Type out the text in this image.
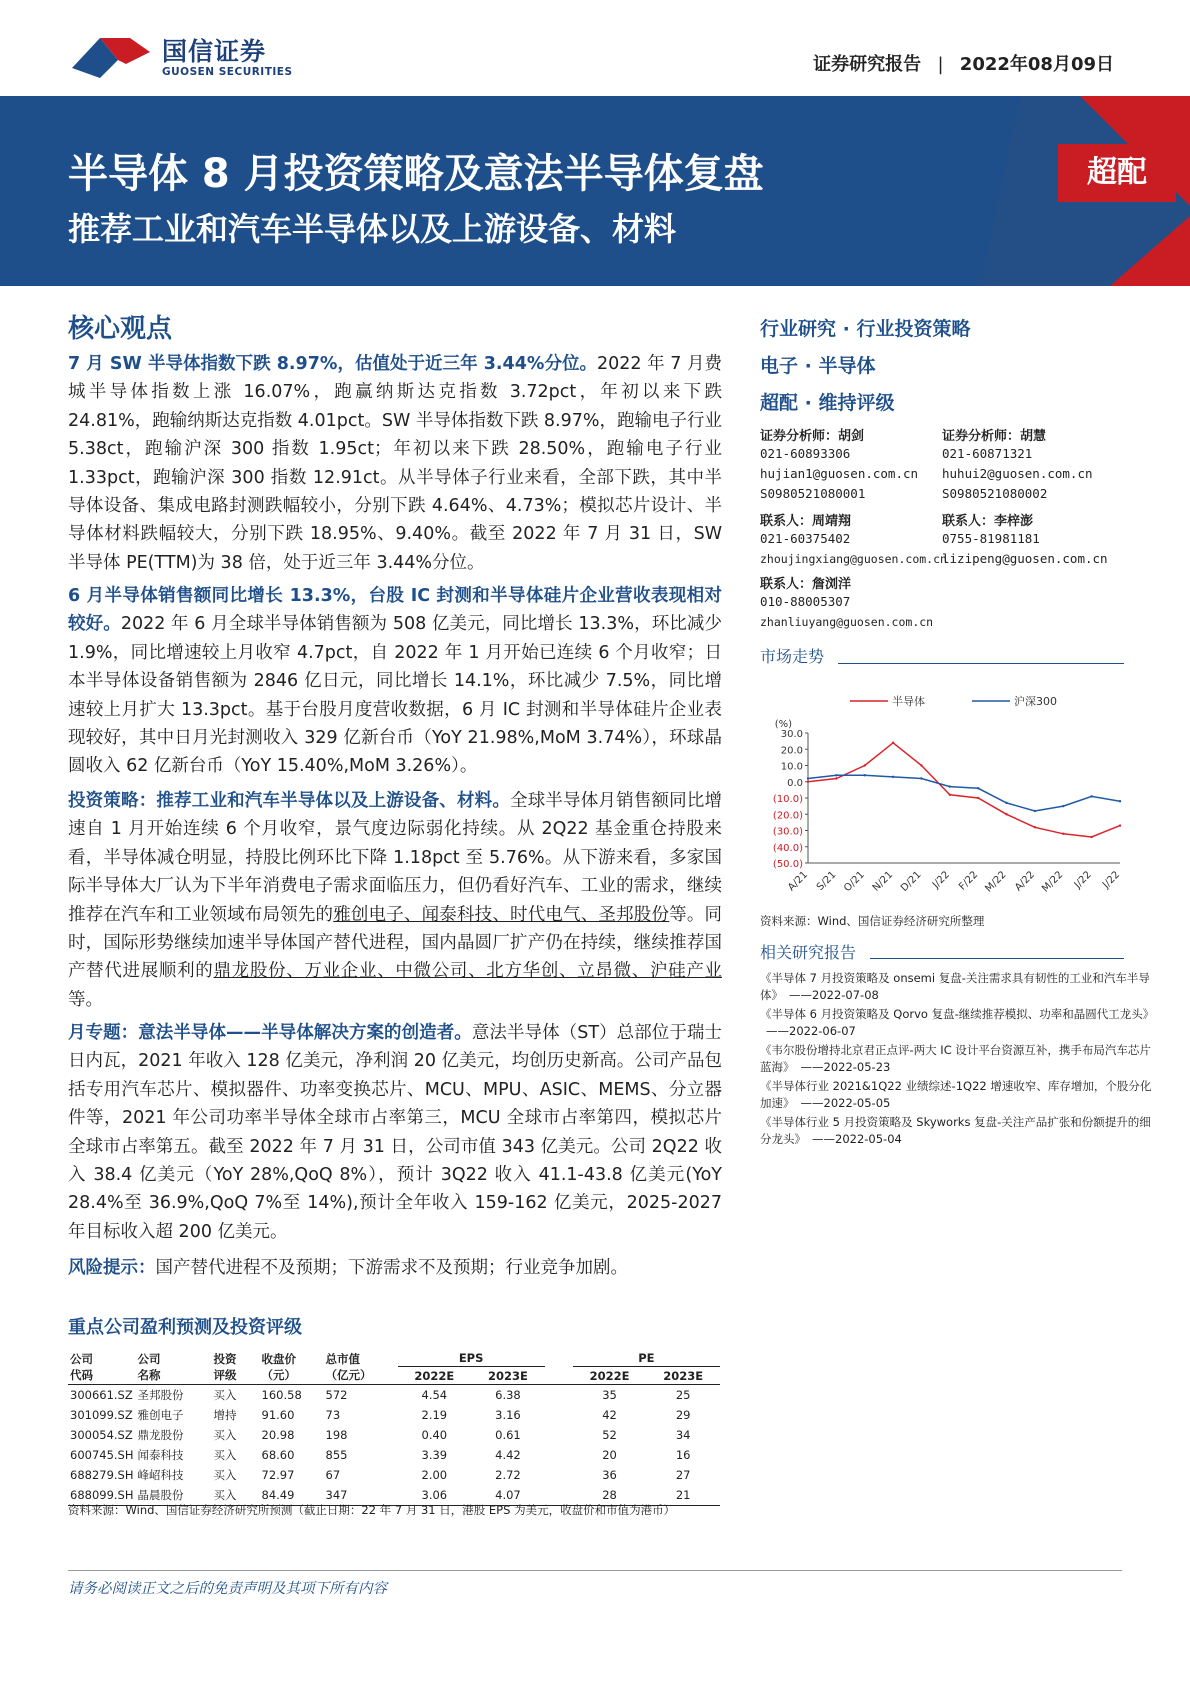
国信证券
GUOSEN SECURITIES	证券研究报告 | 2022年08月09日
半导体 8 月投资策略及意法半导体复盘
推荐工业和汽车半导体以及上游设备、材料
超配
核心观点
7 月 SW 半导体指数下跌 8.97%，估值处于近三年 3.44%分位。2022 年 7 月费城半导体指数上涨 16.07%，跑赢纳斯达克指数 3.72pct，年初以来下跌 24.81%，跑输纳斯达克指数 4.01pct。SW 半导体指数下跌 8.97%，跑输电子行业 5.38ct，跑输沪深 300 指数 1.95ct；年初以来下跌 28.50%，跑输电子行业 1.33pct，跑输沪深 300 指数 12.91ct。从半导体子行业来看，全部下跌，其中半导体设备、集成电路封测跌幅较小，分别下跌 4.64%、4.73%；模拟芯片设计、半导体材料跌幅较大，分别下跌 18.95%、9.40%。截至 2022 年 7 月 31 日，SW 半导体 PE(TTM)为 38 倍，处于近三年 3.44%分位。
6 月半导体销售额同比增长 13.3%，台股 IC 封测和半导体硅片企业营收表现相对较好。2022 年 6 月全球半导体销售额为 508 亿美元，同比增长 13.3%，环比减少 1.9%，同比增速较上月收窄 4.7pct，自 2022 年 1 月开始已连续 6 个月收窄；日本半导体设备销售额为 2846 亿日元，同比增长 14.1%，环比减少 7.5%，同比增速较上月扩大 13.3pct。基于台股月度营收数据，6 月 IC 封测和半导体硅片企业表现较好，其中日月光封测收入 329 亿新台币（YoY 21.98%,MoM 3.74%），环球晶圆收入 62 亿新台币（YoY 15.40%,MoM 3.26%）。
投资策略：推荐工业和汽车半导体以及上游设备、材料。全球半导体月销售额同比增速自 1 月开始连续 6 个月收窄，景气度边际弱化持续。从 2Q22 基金重仓持股来看，半导体减仓明显，持股比例环比下降 1.18pct 至 5.76%。从下游来看，多家国际半导体大厂认为下半年消费电子需求面临压力，但仍看好汽车、工业的需求，继续推荐在汽车和工业领域布局领先的雅创电子、闻泰科技、时代电气、圣邦股份等。同时，国际形势继续加速半导体国产替代进程，国内晶圆厂扩产仍在持续，继续推荐国产替代进展顺利的鼎龙股份、万业企业、中微公司、北方华创、立昂微、沪硅产业等。
月专题：意法半导体——半导体解决方案的创造者。意法半导体（ST）总部位于瑞士日内瓦，2021 年收入 128 亿美元，净利润 20 亿美元，均创历史新高。公司产品包括专用汽车芯片、模拟器件、功率变换芯片、MCU、MPU、ASIC、MEMS、分立器件等，2021 年公司功率半导体全球市占率第三，MCU 全球市占率第四，模拟芯片全球市占率第五。截至 2022 年 7 月 31 日，公司市值 343 亿美元。公司 2Q22 收入 38.4 亿美元（YoY 28%,QoQ 8%），预计 3Q22 收入 41.1-43.8 亿美元(YoY 28.4%至 36.9%,QoQ 7%至 14%),预计全年收入 159-162 亿美元，2025-2027 年目标收入超 200 亿美元。
风险提示：国产替代进程不及预期；下游需求不及预期；行业竞争加剧。
重点公司盈利预测及投资评级
公司
代码	公司
名称	投资
评级	收盘价
（元）	总市值
（亿元）	EPS			PE	
					2022E	2023E		2022E	2023E
300661.SZ	圣邦股份	买入	160.58	572	4.54	6.38		35	25
301099.SZ	雅创电子	增持	91.60	73	2.19	3.16		42	29
300054.SZ	鼎龙股份	买入	20.98	198	0.40	0.61		52	34
600745.SH	闻泰科技	买入	68.60	855	3.39	4.42		20	16
688279.SH	峰岹科技	买入	72.97	67	2.00	2.72		36	27
688099.SH	晶晨股份	买入	84.49	347	3.06	4.07		28	21
资料来源：Wind、国信证券经济研究所预测（截止日期：22 年 7 月 31 日，港股 EPS 为美元，收盘价和市值为港币）
行业研究 · 行业投资策略
电子 · 半导体
超配 · 维持评级
证券分析师：胡剑
021-60893306
hujian1@guosen.com.cn
S0980521080001
证券分析师：胡慧
021-60871321
huhui2@guosen.com.cn
S0980521080002
联系人：周靖翔
021-60375402
zhoujingxiang@guosen.com.cn
联系人：李梓澎
0755-81981181
lizipeng@guosen.com.cn
联系人：詹浏洋
010-88005307
zhanliuyang@guosen.com.cn
市场走势
半导体	沪深300
(%)
30.0
20.0
10.0
0.0
(10.0)
(20.0)
(30.0)
(40.0)
(50.0)
A/21 S/21 O/21 N/21 D/21 J/22 F/22 M/22 A/22 M/22 J/22 J/22
资料来源：Wind、国信证券经济研究所整理
相关研究报告
《半导体 7 月投资策略及 onsemi 复盘-关注需求具有韧性的工业和汽车半导体》 ——2022-07-08
《半导体 6 月投资策略及 Qorvo 复盘-继续推荐模拟、功率和晶圆代工龙头》——2022-06-07
《韦尔股份增持北京君正点评-两大 IC 设计平台资源互补，携手布局汽车芯片蓝海》 ——2022-05-23
《半导体行业 2021&1Q22 业绩综述-1Q22 增速收窄、库存增加，个股分化加速》 ——2022-05-05
《半导体行业 5 月投资策略及 Skyworks 复盘-关注产品扩张和份额提升的细分龙头》 ——2022-05-04
请务必阅读正文之后的免责声明及其项下所有内容
